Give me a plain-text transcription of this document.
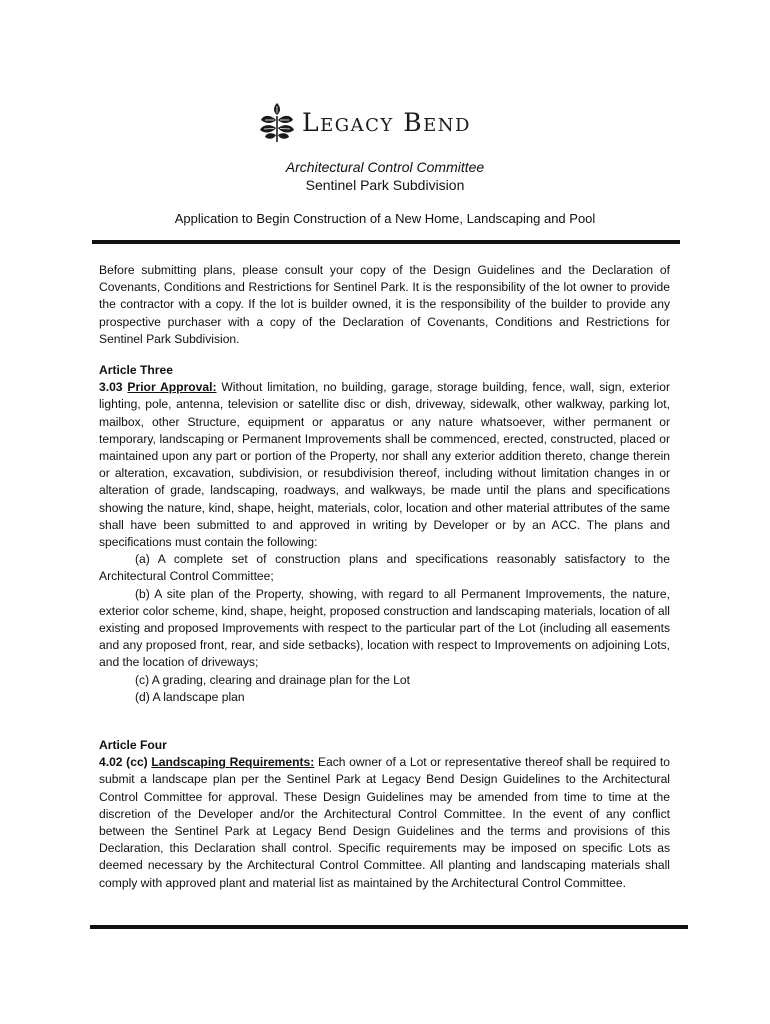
Legacy Bend
Architectural Control Committee
Sentinel Park Subdivision
Application to Begin Construction of a New Home, Landscaping and Pool

Before submitting plans, please consult your copy of the Design Guidelines and the Declaration of Covenants, Conditions and Restrictions for Sentinel Park. It is the responsibility of the lot owner to provide the contractor with a copy. If the lot is builder owned, it is the responsibility of the builder to provide any prospective purchaser with a copy of the Declaration of Covenants, Conditions and Restrictions for Sentinel Park Subdivision.

Article Three

3.03 Prior Approval: Without limitation, no building, garage, storage building, fence, wall, sign, exterior lighting, pole, antenna, television or satellite disc or dish, driveway, sidewalk, other walkway, parking lot, mailbox, other Structure, equipment or apparatus or any nature whatsoever, wither permanent or temporary, landscaping or Permanent Improvements shall be commenced, erected, constructed, placed or maintained upon any part or portion of the Property, nor shall any exterior addition thereto, change therein or alteration, excavation, subdivision, or resubdivision thereof, including without limitation changes in or alteration of grade, landscaping, roadways, and walkways, be made until the plans and specifications showing the nature, kind, shape, height, materials, color, location and other material attributes of the same shall have been submitted to and approved in writing by Developer or by an ACC. The plans and specifications must contain the following:

(a) A complete set of construction plans and specifications reasonably satisfactory to the Architectural Control Committee;

(b) A site plan of the Property, showing, with regard to all Permanent Improvements, the nature, exterior color scheme, kind, shape, height, proposed construction and landscaping materials, location of all existing and proposed Improvements with respect to the particular part of the Lot (including all easements and any proposed front, rear, and side setbacks), location with respect to Improvements on adjoining Lots, and the location of driveways;

(c) A grading, clearing and drainage plan for the Lot

(d) A landscape plan

Article Four

4.02 (cc) Landscaping Requirements: Each owner of a Lot or representative thereof shall be required to submit a landscape plan per the Sentinel Park at Legacy Bend Design Guidelines to the Architectural Control Committee for approval. These Design Guidelines may be amended from time to time at the discretion of the Developer and/or the Architectural Control Committee. In the event of any conflict between the Sentinel Park at Legacy Bend Design Guidelines and the terms and provisions of this Declaration, this Declaration shall control. Specific requirements may be imposed on specific Lots as deemed necessary by the Architectural Control Committee. All planting and landscaping materials shall comply with approved plant and material list as maintained by the Architectural Control Committee.
